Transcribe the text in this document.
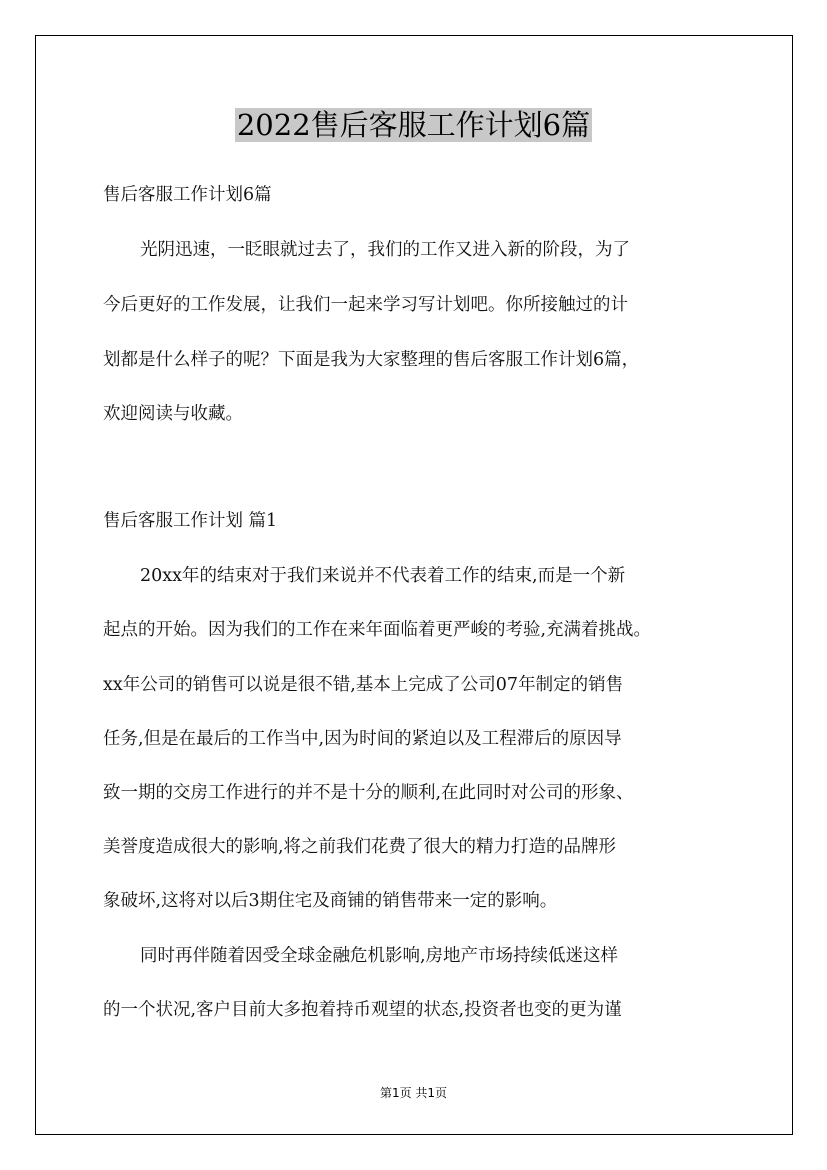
2022售后客服工作计划6篇
售后客服工作计划6篇
光阴迅速，一眨眼就过去了，我们的工作又进入新的阶段，为了
今后更好的工作发展，让我们一起来学习写计划吧。你所接触过的计
划都是什么样子的呢？下面是我为大家整理的售后客服工作计划6篇，
欢迎阅读与收藏。
售后客服工作计划 篇1
20xx年的结束对于我们来说并不代表着工作的结束,而是一个新
起点的开始。因为我们的工作在来年面临着更严峻的考验,充满着挑战。
xx年公司的销售可以说是很不错,基本上完成了公司07年制定的销售
任务,但是在最后的工作当中,因为时间的紧迫以及工程滞后的原因导
致一期的交房工作进行的并不是十分的顺利,在此同时对公司的形象、
美誉度造成很大的影响,将之前我们花费了很大的精力打造的品牌形
象破坏,这将对以后3期住宅及商铺的销售带来一定的影响。
同时再伴随着因受全球金融危机影响,房地产市场持续低迷这样
的一个状况,客户目前大多抱着持币观望的状态,投资者也变的更为谨
第1页 共1页
